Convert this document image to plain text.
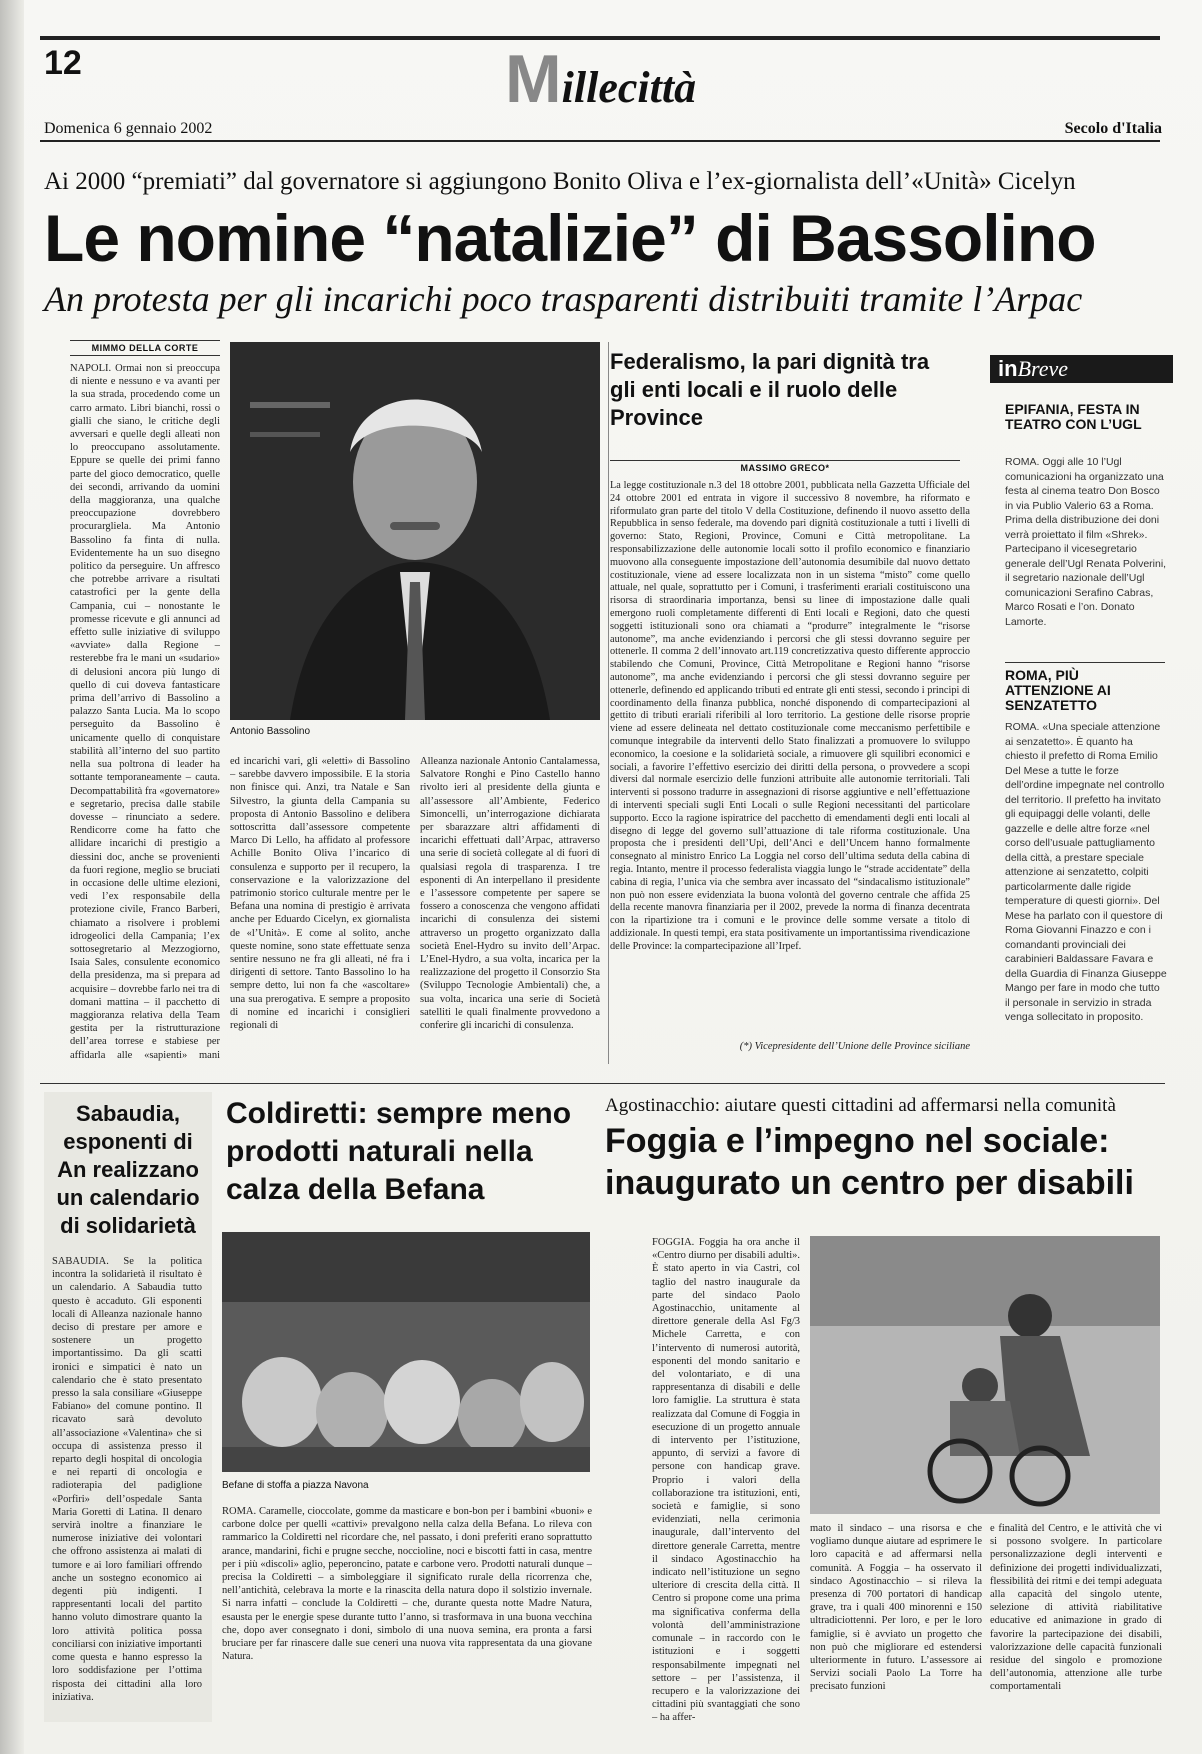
12	Millecittà
Domenica 6 gennaio 2002	Secolo d'Italia
Ai 2000 “premiati” dal governatore si aggiungono Bonito Oliva e l’ex-giornalista dell’«Unità» Cicelyn
Le nomine “natalizie” di Bassolino
An protesta per gli incarichi poco trasparenti distribuiti tramite l’Arpac
MIMMO DELLA CORTE
NAPOLI. Ormai non si preoccupa di niente e nessuno e va avanti per la sua strada, procedendo come un carro armato. Libri bianchi, rossi o gialli che siano, le critiche degli avversari e quelle degli alleati non lo preoccupano assolutamente. Eppure se quelle dei primi fanno parte del gioco democratico, quelle dei secondi, arrivando da uomini della maggioranza, una qualche preoccupazione dovrebbero procurargliela. Ma Antonio Bassolino fa finta di nulla. Evidentemente ha un suo disegno politico da perseguire. Un affresco che potrebbe arrivare a risultati catastrofici per la gente della Campania, cui – nonostante le promesse ricevute e gli annunci ad effetto sulle iniziative di sviluppo «avviate» dalla Regione – resterebbe fra le mani un «sudario» di delusioni ancora più lungo di quello di cui doveva fantasticare prima dell’arrivo di Bassolino a palazzo Santa Lucia. Ma lo scopo perseguito da Bassolino è unicamente quello di conquistare stabilità all’interno del suo partito nella sua poltrona di leader ha sottante temporaneamente – cauta. Decompattabilità fra «governatore» e segretario, precisa dalle stabile dovesse – rinunciato a sedere. Rendicorre come ha fatto che allidare incarichi di prestigio a diessini doc, anche se provenienti da fuori regione, meglio se bruciati in occasione delle ultime elezioni, vedi l’ex responsabile della protezione civile, Franco Barberi, chiamato a risolvere i problemi idrogeolici della Campania; l’ex sottosegretario al Mezzogiorno, Isaia Sales, consulente economico della presidenza, ma si prepara ad acquisire – dovrebbe farlo nei tra di domani mattina – il pacchetto di maggioranza relativa della Team gestita per la ristrutturazione dell’area torrese e stabiese per affidarla alle «sapienti» mani
Antonio Bassolino
ed incarichi vari, gli «eletti» di Bassolino – sarebbe davvero impossibile. E la storia non finisce qui. Anzi, tra Natale e San Silvestro, la giunta della Campania su proposta di Antonio Bassolino e delibera sottoscritta dall’assessore competente Marco Di Lello, ha affidato al professore Achille Bonito Oliva l’incarico di consulenza e supporto per il recupero, la conservazione e la valorizzazione del patrimonio storico culturale mentre per le Befana una nomina di prestigio è arrivata anche per Eduardo Cicelyn, ex giornalista de «l’Unità». E come al solito, anche queste nomine, sono state effettuate senza sentire nessuno ne fra gli alleati, né fra i dirigenti di settore. Tanto Bassolino lo ha sempre detto, lui non fa che «ascoltare» una sua prerogativa. E sempre a proposito di nomine ed incarichi i consiglieri regionali di
Alleanza nazionale Antonio Cantalamessa, Salvatore Ronghi e Pino Castello hanno rivolto ieri al presidente della giunta e all’assessore all’Ambiente, Federico Simoncelli, un’interrogazione dichiarata per sbarazzare altri affidamenti di incarichi effettuati dall’Arpac, attraverso una serie di società collegate al di fuori di qualsiasi regola di trasparenza. I tre esponenti di An interpellano il presidente e l’assessore competente per sapere se fossero a conoscenza che vengono affidati incarichi di consulenza dei sistemi attraverso un progetto organizzato dalla società Enel-Hydro su invito dell’Arpac. L’Enel-Hydro, a sua volta, incarica per la realizzazione del progetto il Consorzio Sta (Sviluppo Tecnologie Ambientali) che, a sua volta, incarica una serie di Società satelliti le quali finalmente provvedono a conferire gli incarichi di consulenza.
Federalismo, la pari dignità tra gli enti locali e il ruolo delle Province
MASSIMO GRECO*
La legge costituzionale n.3 del 18 ottobre 2001, pubblicata nella Gazzetta Ufficiale del 24 ottobre 2001 ed entrata in vigore il successivo 8 novembre, ha riformato e riformulato gran parte del titolo V della Costituzione, definendo il nuovo assetto della Repubblica in senso federale, ma dovendo pari dignità costituzionale a tutti i livelli di governo: Stato, Regioni, Province, Comuni e Città metropolitane. La responsabilizzazione delle autonomie locali sotto il profilo economico e finanziario muovono alla conseguente impostazione dell’autonomia desumibile dal nuovo dettato costituzionale, viene ad essere localizzata non in un sistema “misto” come quello attuale, nel quale, soprattutto per i Comuni, i trasferimenti erariali costituiscono una risorsa di straordinaria importanza, bensì su linee di impostazione dalle quali emergono ruoli completamente differenti di Enti locali e Regioni, dato che questi soggetti istituzionali sono ora chiamati a “produrre” integralmente le “risorse autonome”, ma anche evidenziando i percorsi che gli stessi dovranno seguire per ottenerle. Il comma 2 dell’innovato art.119 concretizzativa questo differente approccio stabilendo che Comuni, Province, Città Metropolitane e Regioni hanno “risorse autonome”, ma anche evidenziando i percorsi che gli stessi dovranno seguire per ottenerle, definendo ed applicando tributi ed entrate gli enti stessi, secondo i principi di coordinamento della finanza pubblica, nonché disponendo di compartecipazioni al gettito di tributi erariali riferibili al loro territorio. La gestione delle risorse proprie viene ad essere delineata nel dettato costituzionale come meccanismo perfettibile e comunque integrabile da interventi dello Stato finalizzati a promuovere lo sviluppo economico, la coesione e la solidarietà sociale, a rimuovere gli squilibri economici e sociali, a favorire l’effettivo esercizio dei diritti della persona, o provvedere a scopi diversi dal normale esercizio delle funzioni attribuite alle autonomie territoriali. Tali interventi si possono tradurre in assegnazioni di risorse aggiuntive e nell’effettuazione di interventi speciali sugli Enti Locali o sulle Regioni necessitanti del particolare supporto. Ecco la ragione ispiratrice del pacchetto di emendamenti degli enti locali al disegno di legge del governo sull’attuazione di tale riforma costituzionale. Una proposta che i presidenti dell’Upi, dell’Anci e dell’Uncem hanno formalmente consegnato al ministro Enrico La Loggia nel corso dell’ultima seduta della cabina di regia. Intanto, mentre il processo federalista viaggia lungo le “strade accidentate” della cabina di regia, l’unica via che sembra aver incassato del “sindacalismo istituzionale” non può non essere evidenziata la buona volontà del governo centrale che affida 25 della recente manovra finanziaria per il 2002, prevede la norma di finanza decentrata con la ripartizione tra i comuni e le province delle somme versate a titolo di addizionale. In questi tempi, era stata positivamente un importantissima rivendicazione delle Province: la compartecipazione all’Irpef.
(*) Vicepresidente dell’Unione delle Province siciliane
inBreve
EPIFANIA, FESTA IN TEATRO CON L’UGL
ROMA. Oggi alle 10 l’Ugl comunicazioni ha organizzato una festa al cinema teatro Don Bosco in via Publio Valerio 63 a Roma. Prima della distribuzione dei doni verrà proiettato il film «Shrek». Partecipano il vicesegretario generale dell’Ugl Renata Polverini, il segretario nazionale dell’Ugl comunicazioni Serafino Cabras, Marco Rosati e l’on. Donato Lamorte.
ROMA, PIÙ ATTENZIONE AI SENZATETTO
ROMA. «Una speciale attenzione ai senzatetto». È quanto ha chiesto il prefetto di Roma Emilio Del Mese a tutte le forze dell’ordine impegnate nel controllo del territorio. Il prefetto ha invitato gli equipaggi delle volanti, delle gazzelle e delle altre forze «nel corso dell’usuale pattugliamento della città, a prestare speciale attenzione ai senzatetto, colpiti particolarmente dalle rigide temperature di questi giorni». Del Mese ha parlato con il questore di Roma Giovanni Finazzo e con i comandanti provinciali dei carabinieri Baldassare Favara e della Guardia di Finanza Giuseppe Mango per fare in modo che tutto il personale in servizio in strada venga sollecitato in proposito.
Sabaudia, esponenti di An realizzano un calendario di solidarietà
SABAUDIA. Se la politica incontra la solidarietà il risultato è un calendario. A Sabaudia tutto questo è accaduto. Gli esponenti locali di Alleanza nazionale hanno deciso di prestare per amore e sostenere un progetto importantissimo. Da gli scatti ironici e simpatici è nato un calendario che è stato presentato presso la sala consiliare «Giuseppe Fabiano» del comune pontino. Il ricavato sarà devoluto all’associazione «Valentina» che si occupa di assistenza presso il reparto degli hospital di oncologia e nei reparti di oncologia e radioterapia del padiglione «Porfiri» dell’ospedale Santa Maria Goretti di Latina. Il denaro servirà inoltre a finanziare le numerose iniziative dei volontari che offrono assistenza ai malati di tumore e ai loro familiari offrendo anche un sostegno economico ai degenti più indigenti. I rappresentanti locali del partito hanno voluto dimostrare quanto la loro attività politica possa conciliarsi con iniziative importanti come questa e hanno espresso la loro soddisfazione per l’ottima risposta dei cittadini alla loro iniziativa.
Coldiretti: sempre meno prodotti naturali nella calza della Befana
Befane di stoffa a piazza Navona
ROMA. Caramelle, cioccolate, gomme da masticare e bon-bon per i bambini «buoni» e carbone dolce per quelli «cattivi» prevalgono nella calza della Befana. Lo rileva con rammarico la Coldiretti nel ricordare che, nel passato, i doni preferiti erano soprattutto arance, mandarini, fichi e prugne secche, noccioline, noci e biscotti fatti in casa, mentre per i più «discoli» aglio, peperoncino, patate e carbone vero. Prodotti naturali dunque – precisa la Coldiretti – a simboleggiare il significato rurale della ricorrenza che, nell’antichità, celebrava la morte e la rinascita della natura dopo il solstizio invernale. Si narra infatti – conclude la Coldiretti – che, durante questa notte Madre Natura, esausta per le energie spese durante tutto l’anno, si trasformava in una buona vecchina che, dopo aver consegnato i doni, simbolo di una nuova semina, era pronta a farsi bruciare per far rinascere dalle sue ceneri una nuova vita rappresentata da una giovane Natura.
Agostinacchio: aiutare questi cittadini ad affermarsi nella comunità
Foggia e l’impegno nel sociale: inaugurato un centro per disabili
FOGGIA. Foggia ha ora anche il «Centro diurno per disabili adulti». È stato aperto in via Castri, col taglio del nastro inaugurale da parte del sindaco Paolo Agostinacchio, unitamente al direttore generale della Asl Fg/3 Michele Carretta, e con l’intervento di numerosi autorità, esponenti del mondo sanitario e del volontariato, e di una rappresentanza di disabili e delle loro famiglie. La struttura è stata realizzata dal Comune di Foggia in esecuzione di un progetto annuale di intervento per l’istituzione, appunto, di servizi a favore di persone con handicap grave. Proprio i valori della collaborazione tra istituzioni, enti, società e famiglie, si sono evidenziati, nella cerimonia inaugurale, dall’intervento del direttore generale Carretta, mentre il sindaco Agostinacchio ha indicato nell’istituzione un segno ulteriore di crescita della città. Il Centro si propone come una prima ma significativa conferma della volontà dell’amministrazione comunale – in raccordo con le istituzioni e i soggetti responsabilmente impegnati nel settore – per l’assistenza, il recupero e la valorizzazione dei cittadini più svantaggiati che sono – ha affer-
mato il sindaco – una risorsa e che vogliamo dunque aiutare ad esprimere le loro capacità e ad affermarsi nella comunità. A Foggia – ha osservato il sindaco Agostinacchio – si rileva la presenza di 700 portatori di handicap grave, tra i quali 400 minorenni e 150 ultradiciottenni. Per loro, e per le loro famiglie, si è avviato un progetto che non può che migliorare ed estendersi ulteriormente in futuro. L’assessore ai Servizi sociali Paolo La Torre ha precisato funzioni
e finalità del Centro, e le attività che vi si possono svolgere. In particolare personalizzazione degli interventi e definizione dei progetti individualizzati, flessibilità dei ritmi e dei tempi adeguata alla capacità del singolo utente, selezione di attività riabilitative educative ed animazione in grado di favorire la partecipazione dei disabili, valorizzazione delle capacità funzionali residue del singolo e promozione dell’autonomia, attenzione alle turbe comportamentali
